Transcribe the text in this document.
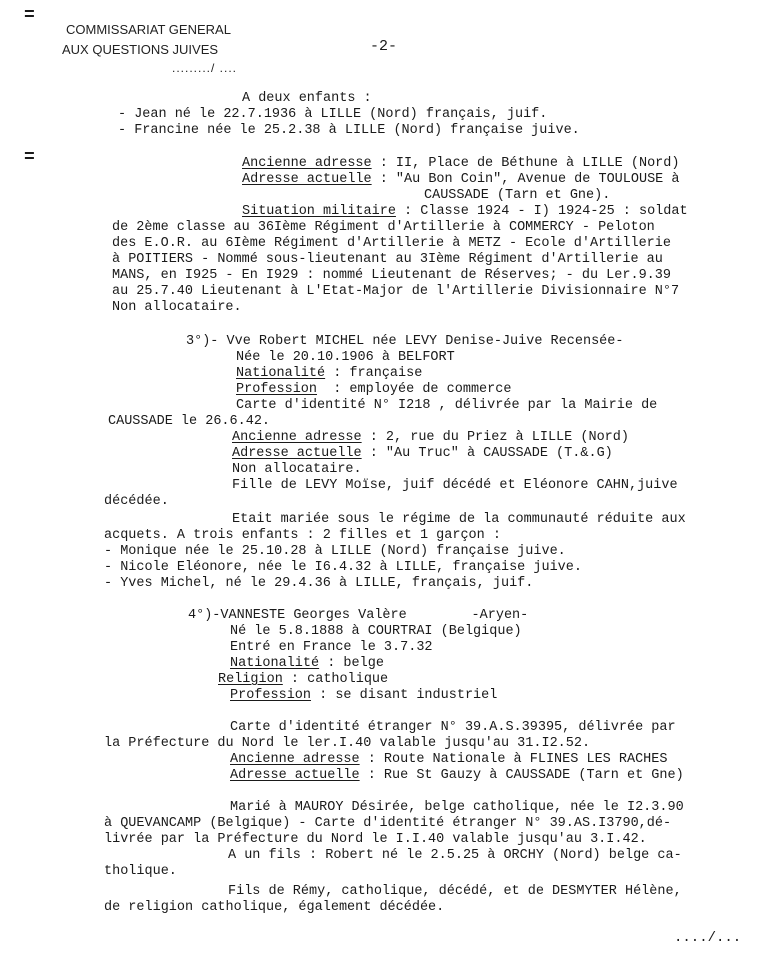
=
=
COMMISSARIAT GENERAL
AUX QUESTIONS JUIVES
........./ ....
-2-
A deux enfants :
- Jean né le 22.7.1936 à LILLE (Nord) français, juif.
- Francine née le 25.2.38 à LILLE (Nord) française juive.
Ancienne adresse : II, Place de Béthune à LILLE (Nord)
Adresse actuelle : "Au Bon Coin", Avenue de TOULOUSE à
CAUSSADE (Tarn et Gne).
Situation militaire : Classe 1924 - I) 1924-25 : soldat
de 2ème classe au 36Ième Régiment d'Artillerie à COMMERCY - Peloton
des E.O.R. au 6Ième Régiment d'Artillerie à METZ - Ecole d'Artillerie
à POITIERS - Nommé sous-lieutenant au 3Ième Régiment d'Artillerie au
MANS, en I925 - En I929 : nommé Lieutenant de Réserves; - du Ler.9.39
au 25.7.40 Lieutenant à L'Etat-Major de l'Artillerie Divisionnaire N°7
Non allocataire.
3°)- Vve Robert MICHEL née LEVY Denise-Juive Recensée-
Née le 20.10.1906 à BELFORT
Nationalité : française
Profession  : employée de commerce
Carte d'identité N° I218 , délivrée par la Mairie de
CAUSSADE le 26.6.42.
Ancienne adresse : 2, rue du Priez à LILLE (Nord)
Adresse actuelle : "Au Truc" à CAUSSADE (T.&.G)
Non allocataire.
Fille de LEVY Moïse, juif décédé et Eléonore CAHN,juive
décédée.
Etait mariée sous le régime de la communauté réduite aux
acquets. A trois enfants : 2 filles et 1 garçon :
- Monique née le 25.10.28 à LILLE (Nord) française juive.
- Nicole Eléonore, née le I6.4.32 à LILLE, française juive.
- Yves Michel, né le 29.4.36 à LILLE, français, juif.
4°)-VANNESTE Georges Valère        -Aryen-
Né le 5.8.1888 à COURTRAI (Belgique)
Entré en France le 3.7.32
Nationalité : belge
Religion : catholique
Profession : se disant industriel
Carte d'identité étranger N° 39.A.S.39395, délivrée par
la Préfecture du Nord le ler.I.40 valable jusqu'au 31.I2.52.
Ancienne adresse : Route Nationale à FLINES LES RACHES
Adresse actuelle : Rue St Gauzy à CAUSSADE (Tarn et Gne)
Marié à MAUROY Désirée, belge catholique, née le I2.3.90
à QUEVANCAMP (Belgique) - Carte d'identité étranger N° 39.AS.I3790,dé-
livrée par la Préfecture du Nord le I.I.40 valable jusqu'au 3.I.42.
A un fils : Robert né le 2.5.25 à ORCHY (Nord) belge ca-
tholique.
Fils de Rémy, catholique, décédé, et de DESMYTER Hélène,
de religion catholique, également décédée.
..../...
